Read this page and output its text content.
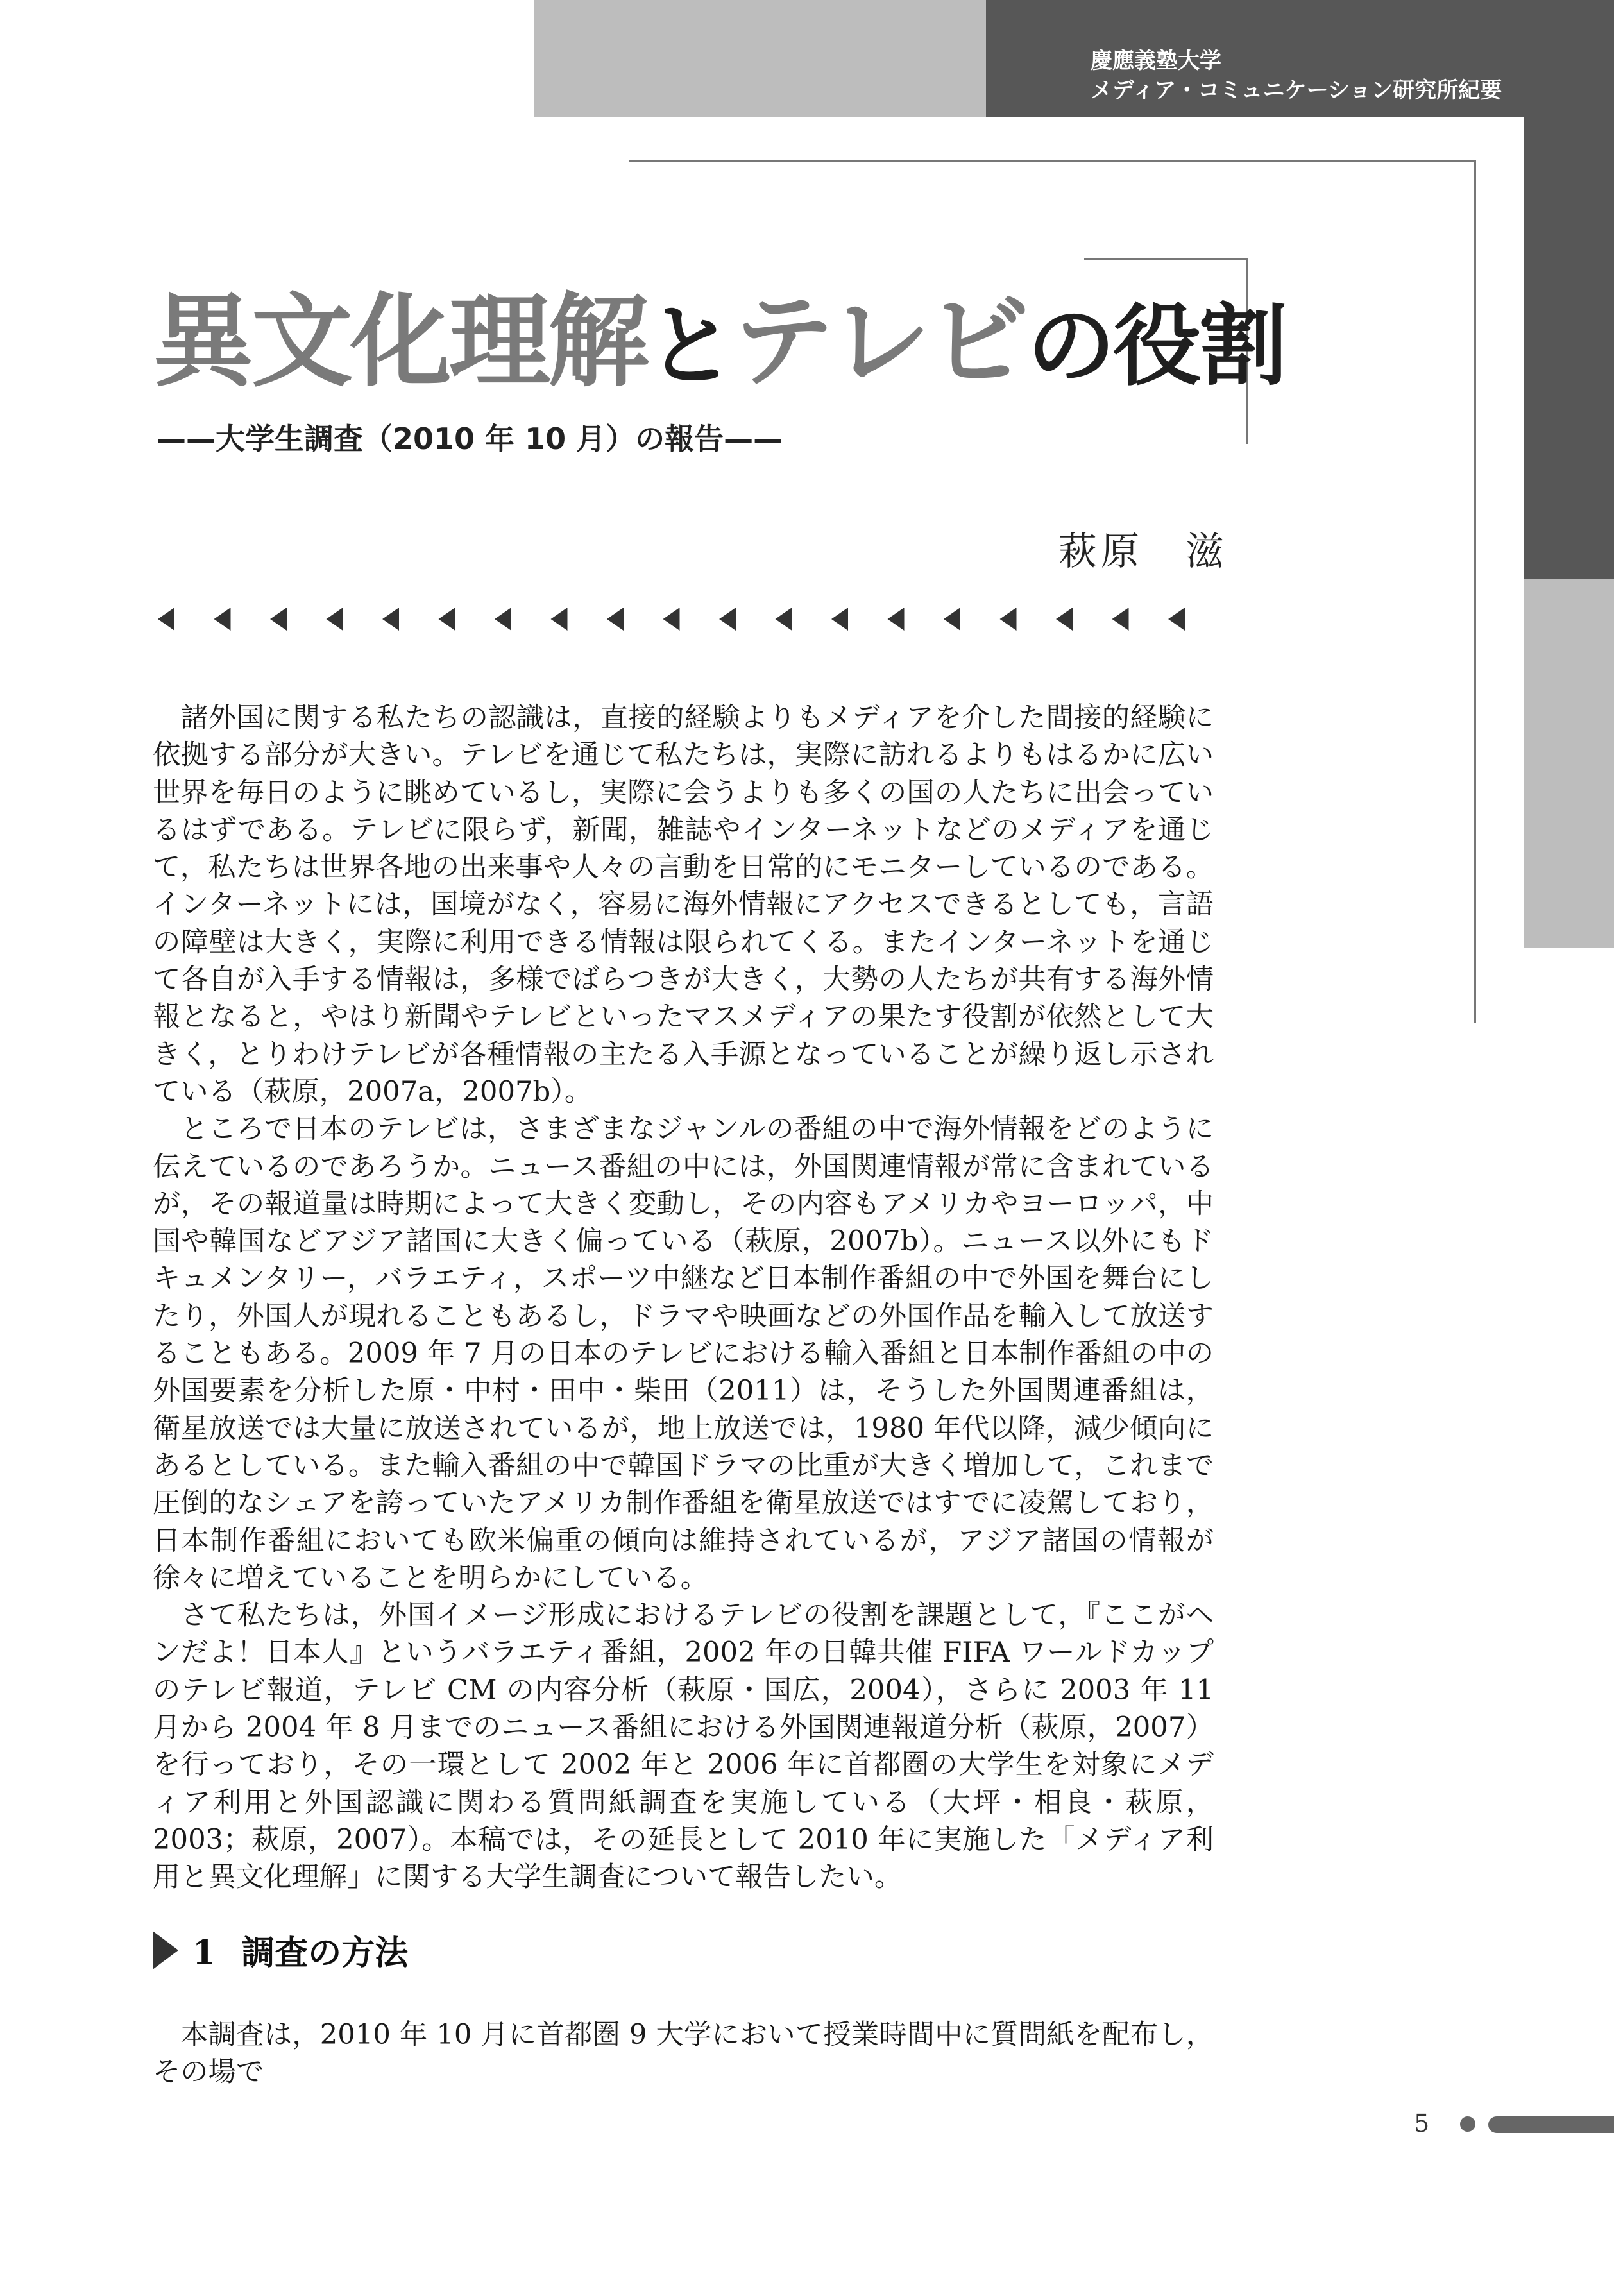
慶應義塾大学
メディア・コミュニケーション研究所紀要
異文化理解とテレビの役割
——大学生調査（2010 年 10 月）の報告——
萩原　滋

諸外国に関する私たちの認識は，直接的経験よりもメディアを介した間接的経験に依拠する部分が大きい。テレビを通じて私たちは，実際に訪れるよりもはるかに広い世界を毎日のように眺めているし，実際に会うよりも多くの国の人たちに出会っているはずである。テレビに限らず，新聞，雑誌やインターネットなどのメディアを通じて，私たちは世界各地の出来事や人々の言動を日常的にモニターしているのである。インターネットには，国境がなく，容易に海外情報にアクセスできるとしても，言語の障壁は大きく，実際に利用できる情報は限られてくる。またインターネットを通じて各自が入手する情報は，多様でばらつきが大きく，大勢の人たちが共有する海外情報となると，やはり新聞やテレビといったマスメディアの果たす役割が依然として大きく，とりわけテレビが各種情報の主たる入手源となっていることが繰り返し示されている（萩原，2007a，2007b）。

ところで日本のテレビは，さまざまなジャンルの番組の中で海外情報をどのように伝えているのであろうか。ニュース番組の中には，外国関連情報が常に含まれているが，その報道量は時期によって大きく変動し，その内容もアメリカやヨーロッパ，中国や韓国などアジア諸国に大きく偏っている（萩原，2007b）。ニュース以外にもドキュメンタリー，バラエティ，スポーツ中継など日本制作番組の中で外国を舞台にしたり，外国人が現れることもあるし，ドラマや映画などの外国作品を輸入して放送することもある。2009 年 7 月の日本のテレビにおける輸入番組と日本制作番組の中の外国要素を分析した原・中村・田中・柴田（2011）は，そうした外国関連番組は，衛星放送では大量に放送されているが，地上放送では，1980 年代以降，減少傾向にあるとしている。また輸入番組の中で韓国ドラマの比重が大きく増加して，これまで圧倒的なシェアを誇っていたアメリカ制作番組を衛星放送ではすでに凌駕しており，日本制作番組においても欧米偏重の傾向は維持されているが，アジア諸国の情報が徐々に増えていることを明らかにしている。

さて私たちは，外国イメージ形成におけるテレビの役割を課題として，『ここがヘンだよ！日本人』というバラエティ番組，2002 年の日韓共催 FIFA ワールドカップのテレビ報道，テレビ CM の内容分析（萩原・国広，2004），さらに 2003 年 11 月から 2004 年 8 月までのニュース番組における外国関連報道分析（萩原，2007）を行っており，その一環として 2002 年と 2006 年に首都圏の大学生を対象にメディア利用と外国認識に関わる質問紙調査を実施している（大坪・相良・萩原，2003；萩原，2007）。本稿では，その延長として 2010 年に実施した「メディア利用と異文化理解」に関する大学生調査について報告したい。

1 調査の方法

本調査は，2010 年 10 月に首都圏 9 大学において授業時間中に質問紙を配布し，その場で

5
